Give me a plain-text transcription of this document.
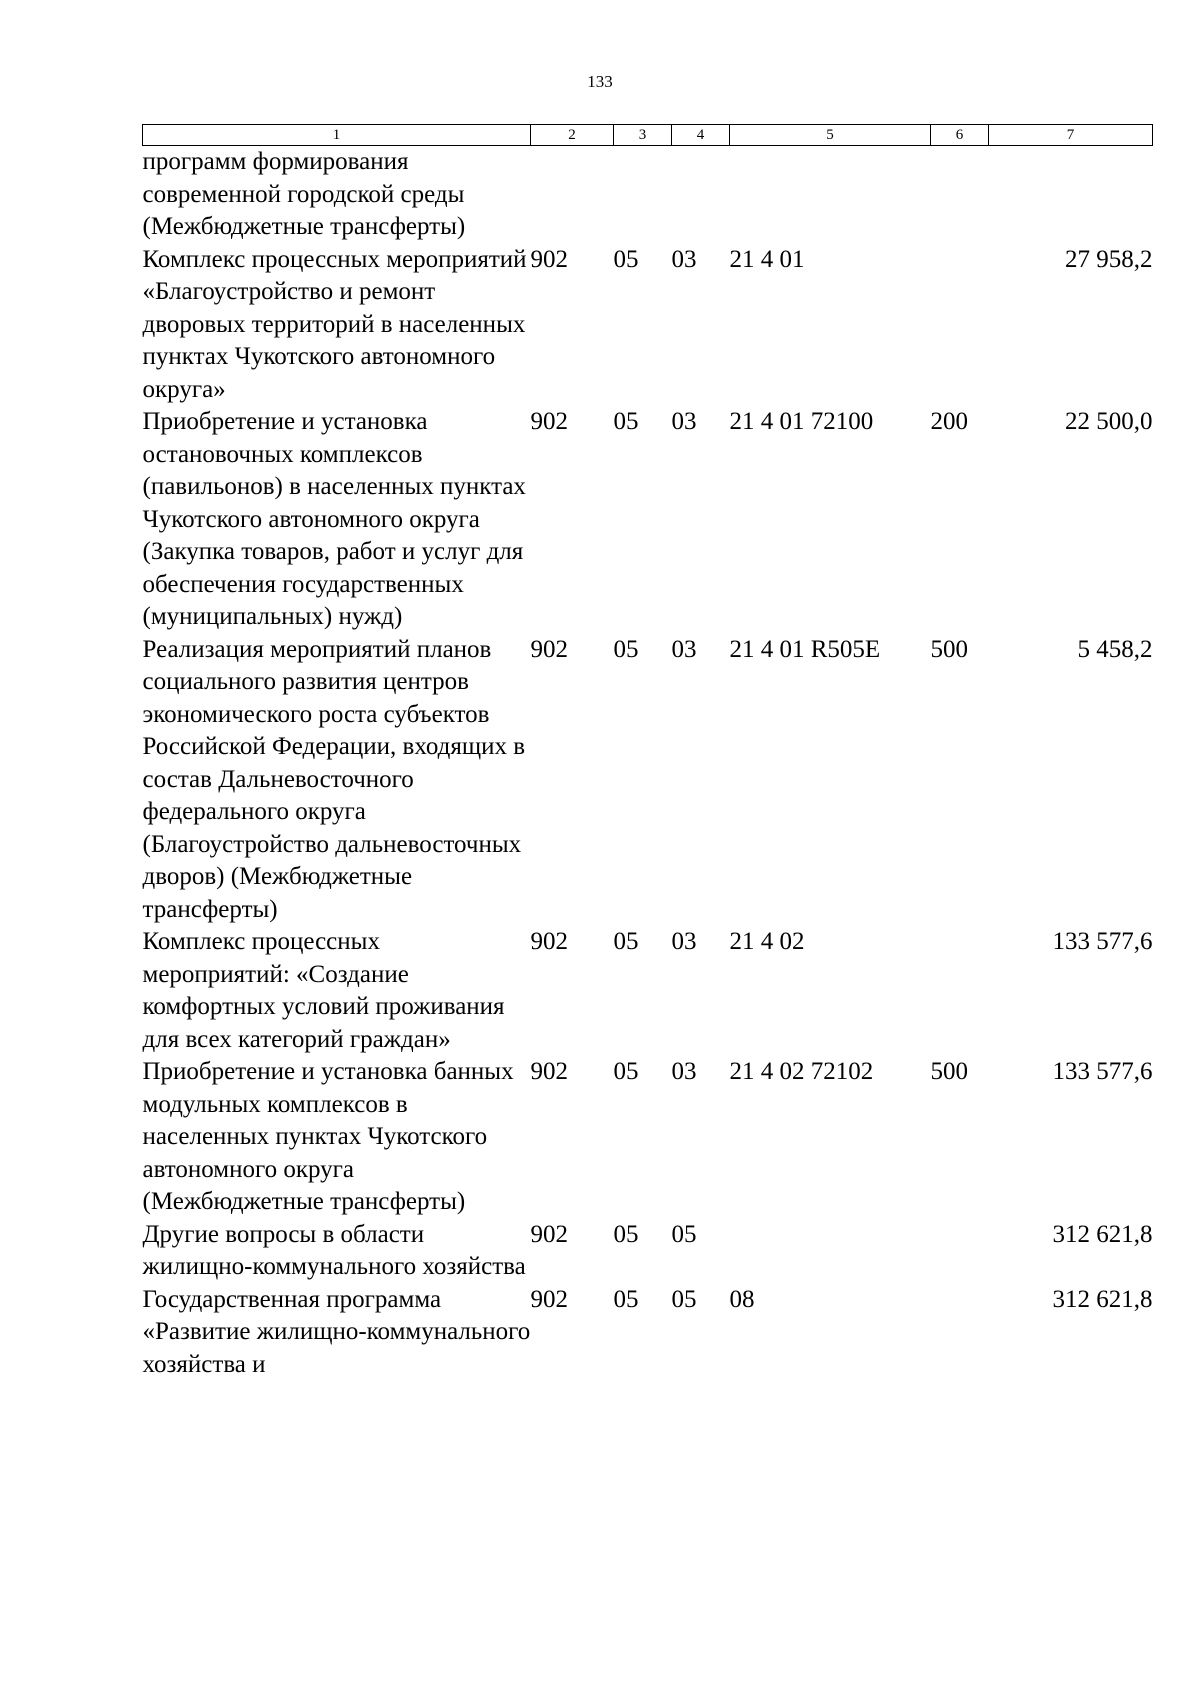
133
1	2	3	4	5	6	7
программ формирования современной городской среды (Межбюджетные трансферты)						
Комплекс процессных мероприятий «Благоустройство и ремонт дворовых территорий в населенных пунктах Чукотского автономного округа»	902	05	03	21 4 01		27 958,2
Приобретение и установка остановочных комплексов (павильонов) в населенных пунктах Чукотского автономного округа (Закупка товаров, работ и услуг для обеспечения государственных (муниципальных) нужд)	902	05	03	21 4 01 72100	200	22 500,0
Реализация мероприятий планов социального развития центров экономического роста субъектов Российской Федерации, входящих в состав Дальневосточного федерального округа (Благоустройство дальневосточных дворов) (Межбюджетные трансферты)	902	05	03	21 4 01 R505E	500	5 458,2
Комплекс процессных мероприятий: «Создание комфортных условий проживания для всех категорий граждан»	902	05	03	21 4 02		133 577,6
Приобретение и установка банных модульных комплексов в населенных пунктах Чукотского автономного округа (Межбюджетные трансферты)	902	05	03	21 4 02 72102	500	133 577,6
Другие вопросы в области жилищно-коммунального хозяйства	902	05	05			312 621,8
Государственная программа «Развитие жилищно-коммунального хозяйства и	902	05	05	08		312 621,8
